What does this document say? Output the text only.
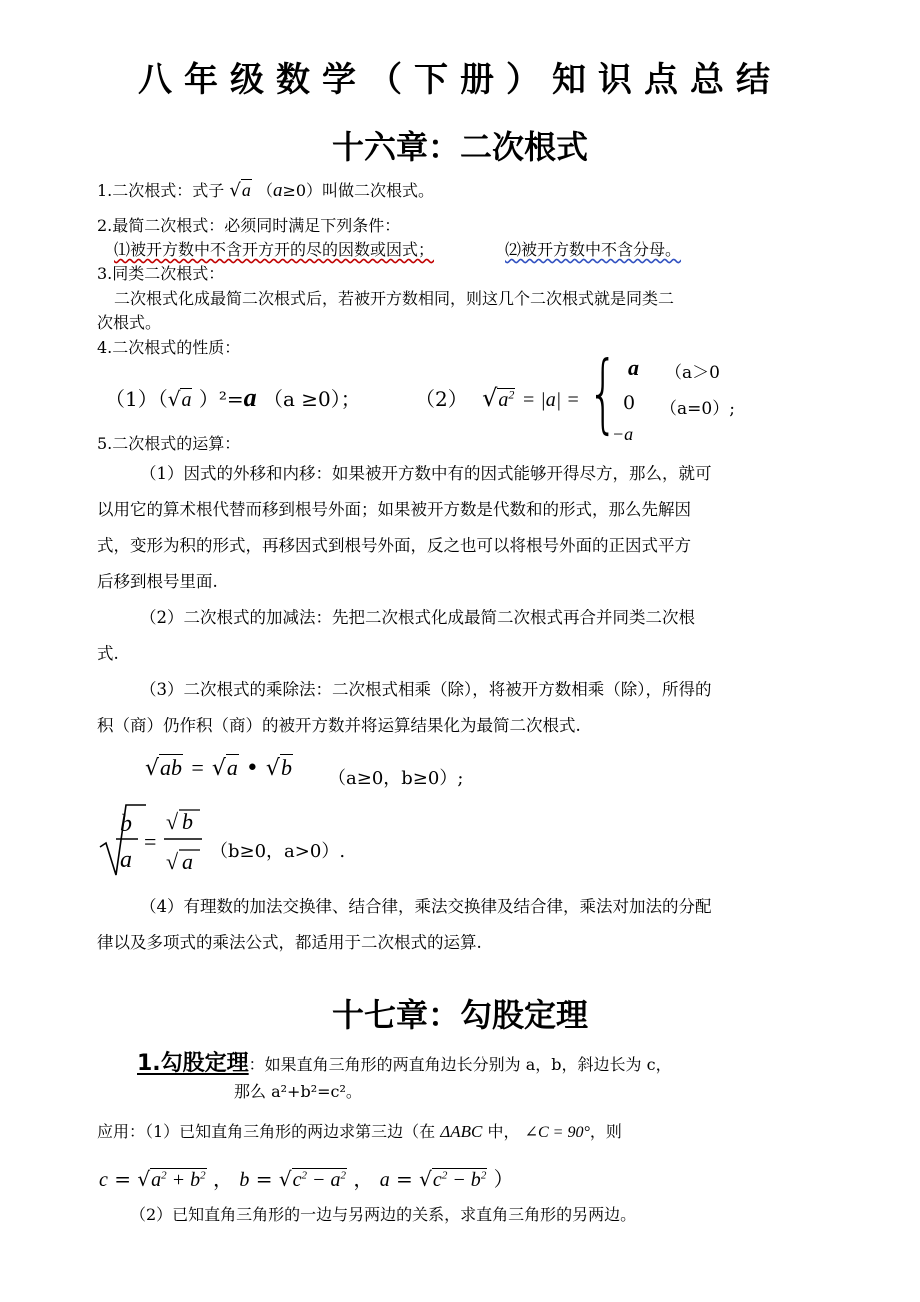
八年级数学（下册）知识点总结
十六章：二次根式
1.二次根式：式子 √a （a≥0）叫做二次根式。
2.最简二次根式：必须同时满足下列条件：
⑴被开方数中不含开方开的尽的因数或因式；	⑵被开方数中不含分母。
3.同类二次根式：
二次根式化成最简二次根式后，若被开方数相同，则这几个二次根式就是同类二
次根式。
4.二次根式的性质：
（1）（√a ）²=a （a ≥0）；	（2） $√a^2 = |a|$ = { a （a＞0
0 （a=0）;
−a
5.二次根式的运算：
（1）因式的外移和内移：如果被开方数中有的因式能够开得尽方，那么，就可
以用它的算术根代替而移到根号外面；如果被开方数是代数和的形式，那么先解因
式，变形为积的形式，再移因式到根号外面，反之也可以将根号外面的正因式平方
后移到根号里面.
（2）二次根式的加减法：先把二次根式化成最简二次根式再合并同类二次根
式.
（3）二次根式的乘除法：二次根式相乘（除），将被开方数相乘（除），所得的
积（商）仍作积（商）的被开方数并将运算结果化为最简二次根式.
√ab = √a • √b （a≥0，b≥0）;
b
a
=
√ b
√ a （b≥0，a>0）.
（4）有理数的加法交换律、结合律，乘法交换律及结合律，乘法对加法的分配
律以及多项式的乘法公式，都适用于二次根式的运算.
十七章：勾股定理
1.勾股定理：如果直角三角形的两直角边长分别为 a，b，斜边长为 c，
那么 a²+b²=c²。
应用：（1）已知直角三角形的两边求第三边（在 ΔABC 中， ∠C = 90°，则
$c = √a^2 + b^2$ ， $b = √c^2 - a^2$ ， $a = √c^2 - b^2$ ）
（2）已知直角三角形的一边与另两边的关系，求直角三角形的另两边。
